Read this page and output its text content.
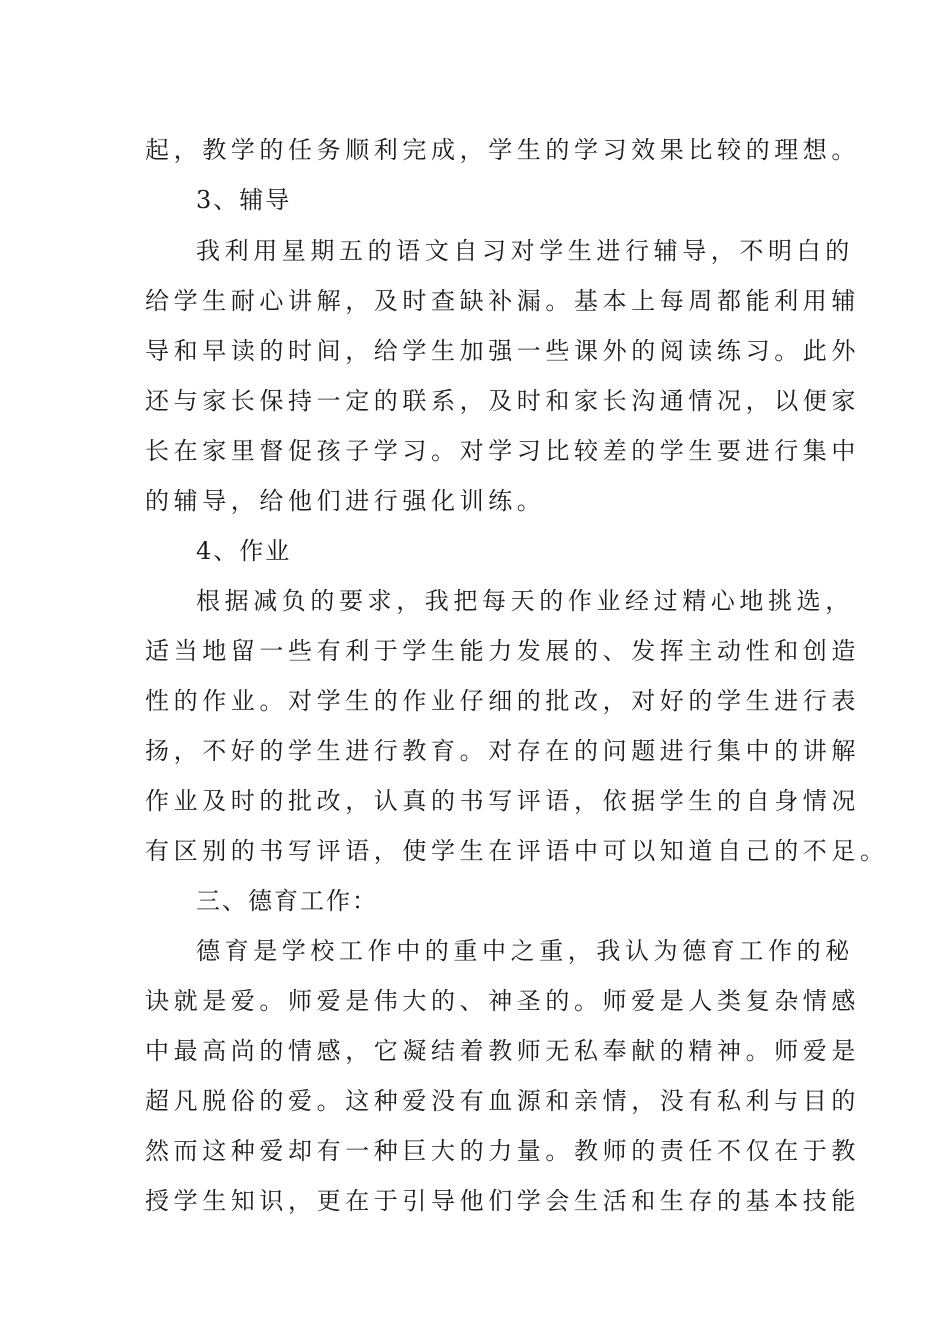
起，教学的任务顺利完成，学生的学习效果比较的理想。
3、辅导
我利用星期五的语文自习对学生进行辅导，不明白的
给学生耐心讲解，及时查缺补漏。基本上每周都能利用辅
导和早读的时间，给学生加强一些课外的阅读练习。此外
还与家长保持一定的联系，及时和家长沟通情况，以便家
长在家里督促孩子学习。对学习比较差的学生要进行集中
的辅导，给他们进行强化训练。
4、作业
根据减负的要求，我把每天的作业经过精心地挑选，
适当地留一些有利于学生能力发展的、发挥主动性和创造
性的作业。对学生的作业仔细的批改，对好的学生进行表
扬，不好的学生进行教育。对存在的问题进行集中的讲解
作业及时的批改，认真的书写评语，依据学生的自身情况
有区别的书写评语，使学生在评语中可以知道自己的不足。
三、德育工作：
德育是学校工作中的重中之重，我认为德育工作的秘
诀就是爱。师爱是伟大的、神圣的。师爱是人类复杂情感
中最高尚的情感，它凝结着教师无私奉献的精神。师爱是
超凡脱俗的爱。这种爱没有血源和亲情，没有私利与目的
然而这种爱却有一种巨大的力量。教师的责任不仅在于教
授学生知识，更在于引导他们学会生活和生存的基本技能
